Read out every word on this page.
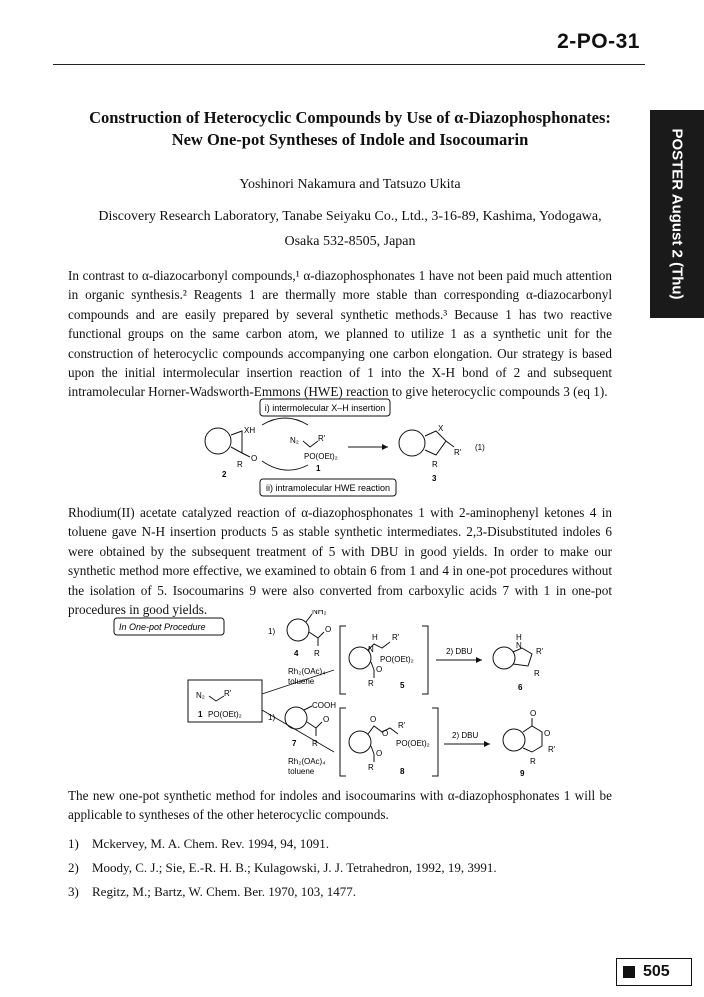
2-PO-31
POSTER August 2 (Thu)
Construction of Heterocyclic Compounds by Use of α-Diazophosphonates:
New One-pot Syntheses of Indole and Isocoumarin
Yoshinori Nakamura and Tatsuzo Ukita
Discovery Research Laboratory, Tanabe Seiyaku Co., Ltd., 3-16-89, Kashima, Yodogawa,
Osaka 532-8505, Japan
In contrast to α-diazocarbonyl compounds,¹ α-diazophosphonates 1 have not been paid much attention in organic synthesis.² Reagents 1 are thermally more stable than corresponding α-diazocarbonyl compounds and are easily prepared by several synthetic methods.³ Because 1 has two reactive functional groups on the same carbon atom, we planned to utilize 1 as a synthetic unit for the construction of heterocyclic compounds accompanying one carbon elongation. Our strategy is based upon the initial intermolecular insertion reaction of 1 into the X-H bond of 2 and subsequent intramolecular Horner-Wadsworth-Emmons (HWE) reaction to give heterocyclic compounds 3 (eq 1).
i) intermolecular X–H insertion
ii) intramolecular HWE reaction
XH
O
R
2
N₂ R'
PO(OEt)₂
1
X
R'
R
3
(1)
Rhodium(II) acetate catalyzed reaction of α-diazophosphonates 1 with 2-aminophenyl ketones 4 in toluene gave N-H insertion products 5 as stable synthetic intermediates. 2,3-Disubstituted indoles 6 were obtained by the subsequent treatment of 5 with DBU in good yields. In order to make our synthetic method more effective, we examined to obtain 6 from 1 and 4 in one-pot procedures without the isolation of 5. Isocoumarins 9 were also converted from carboxylic acids 7 with 1 in one-pot procedures in good yields.
In One-pot Procedure
N₂ R'
1 PO(OEt)₂
1)
NH₂
O
R
4
Rh₂(OAc)₄
toluene
H
N
R'
PO(OEt)₂
O
R	5
2) DBU
H
N
R'
R
6
1)
COOH
O
R
7
Rh₂(OAc)₄
toluene
O
O
R'
PO(OEt)₂
O
R	8
2) DBU
O
O
R'
R
9
The new one-pot synthetic method for indoles and isocoumarins with α-diazophosphonates 1 will be applicable to syntheses of the other heterocyclic compounds.
1) Mckervey, M. A. Chem. Rev. 1994, 94, 1091.
2) Moody, C. J.; Sie, E.-R. H. B.; Kulagowski, J. J. Tetrahedron, 1992, 19, 3991.
3) Regitz, M.; Bartz, W. Chem. Ber. 1970, 103, 1477.
505
